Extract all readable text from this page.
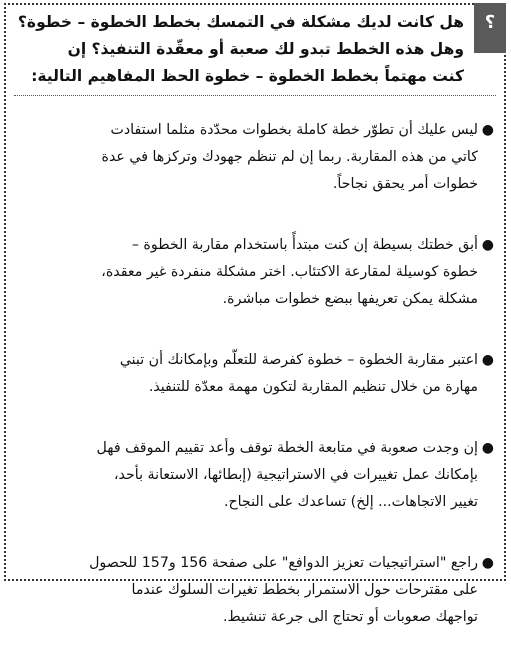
؟
هل كانت لديك مشكلة في التمسك بخطط الخطوة – خطوة؟
وهل هذه الخطط تبدو لك صعبة أو معقّدة التنفيذ؟ إن
كنت مهتماً بخطط الخطوة – خطوة الحظ المفاهيم التالية:
●
ليس عليك أن تطوّر خطة كاملة بخطوات محدّدة مثلما استفادت
كاتي من هذه المقاربة. ربما إن لم تنظم جهودك وتركزها في عدة
خطوات أمر يحقق نجاحاً.
●
أبق خطتك بسيطة إن كنت مبتدأً باستخدام مقاربة الخطوة –
خطوة كوسيلة لمقارعة الاكتئاب. اختر مشكلة منفردة غير معقدة،
مشكلة يمكن تعريفها ببضع خطوات مباشرة.
●
اعتبر مقاربة الخطوة – خطوة كفرصة للتعلّم وبإمكانك أن تبني
مهارة من خلال تنظيم المقاربة لتكون مهمة معدّة للتنفيذ.
●
إن وجدت صعوبة في متابعة الخطة توقف وأعد تقييم الموقف فهل
بإمكانك عمل تغييرات في الاستراتيجية (إبطائها، الاستعانة بأحد،
تغيير الاتجاهات... إلخ) تساعدك على النجاح.
●
راجع "استراتيجيات تعزيز الدوافع" على صفحة 156 و157 للحصول
على مقترحات حول الاستمرار بخطط تغيرات السلوك عندما
تواجهك صعوبات أو تحتاج الى جرعة تنشيط.
